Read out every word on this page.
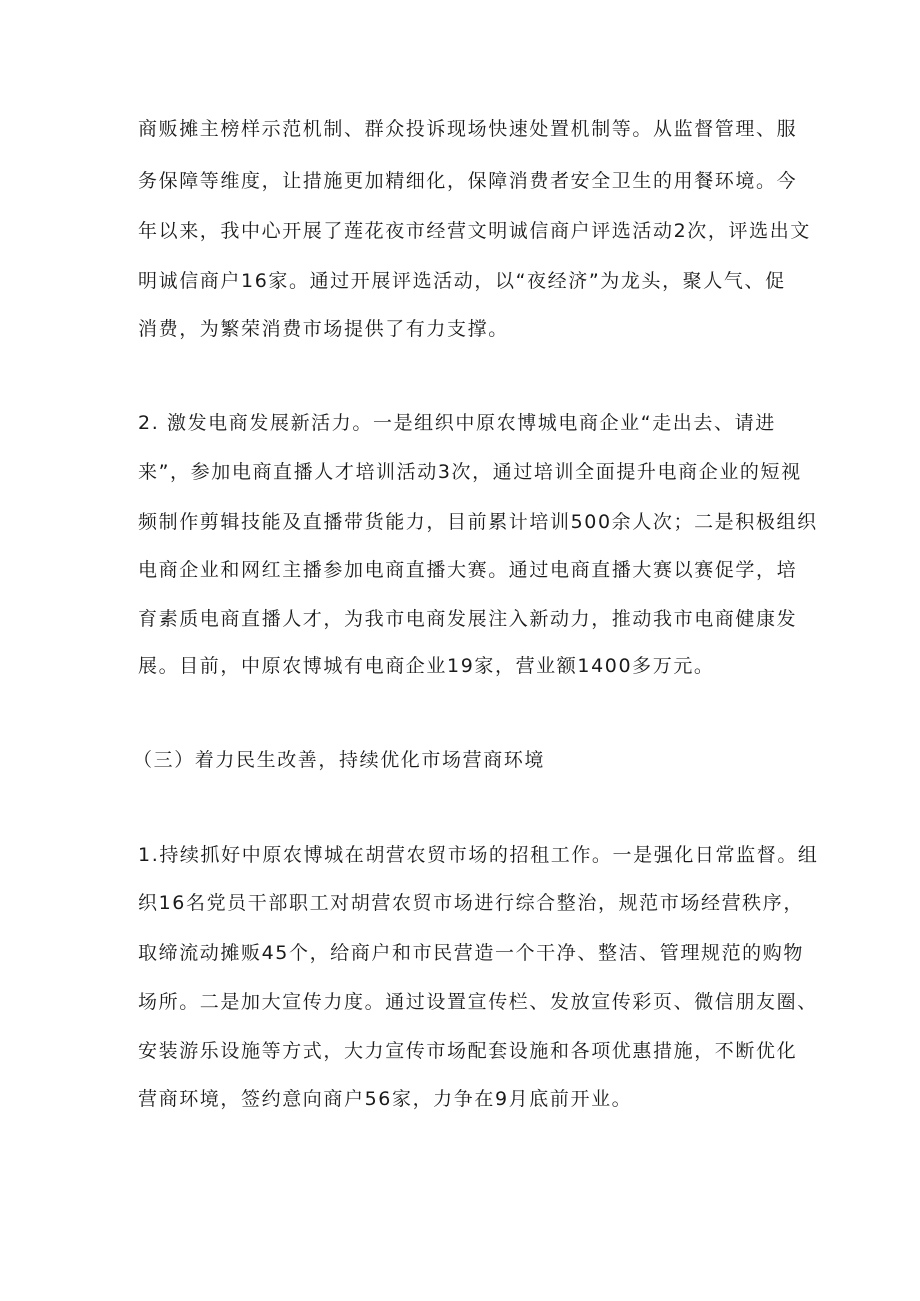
商贩摊主榜样示范机制、群众投诉现场快速处置机制等。从监督管理、服
务保障等维度，让措施更加精细化，保障消费者安全卫生的用餐环境。今
年以来，我中心开展了莲花夜市经营文明诚信商户评选活动2次，评选出文
明诚信商户16家。通过开展评选活动，以“夜经济”为龙头，聚人气、促
消费，为繁荣消费市场提供了有力支撑。
2. 激发电商发展新活力。一是组织中原农博城电商企业“走出去、请进
来”，参加电商直播人才培训活动3次，通过培训全面提升电商企业的短视
频制作剪辑技能及直播带货能力，目前累计培训500余人次；二是积极组织
电商企业和网红主播参加电商直播大赛。通过电商直播大赛以赛促学，培
育素质电商直播人才，为我市电商发展注入新动力，推动我市电商健康发
展。目前，中原农博城有电商企业19家，营业额1400多万元。
（三）着力民生改善，持续优化市场营商环境
1.持续抓好中原农博城在胡营农贸市场的招租工作。一是强化日常监督。组
织16名党员干部职工对胡营农贸市场进行综合整治，规范市场经营秩序，
取缔流动摊贩45个，给商户和市民营造一个干净、整洁、管理规范的购物
场所。二是加大宣传力度。通过设置宣传栏、发放宣传彩页、微信朋友圈、
安装游乐设施等方式，大力宣传市场配套设施和各项优惠措施，不断优化
营商环境，签约意向商户56家，力争在9月底前开业。
